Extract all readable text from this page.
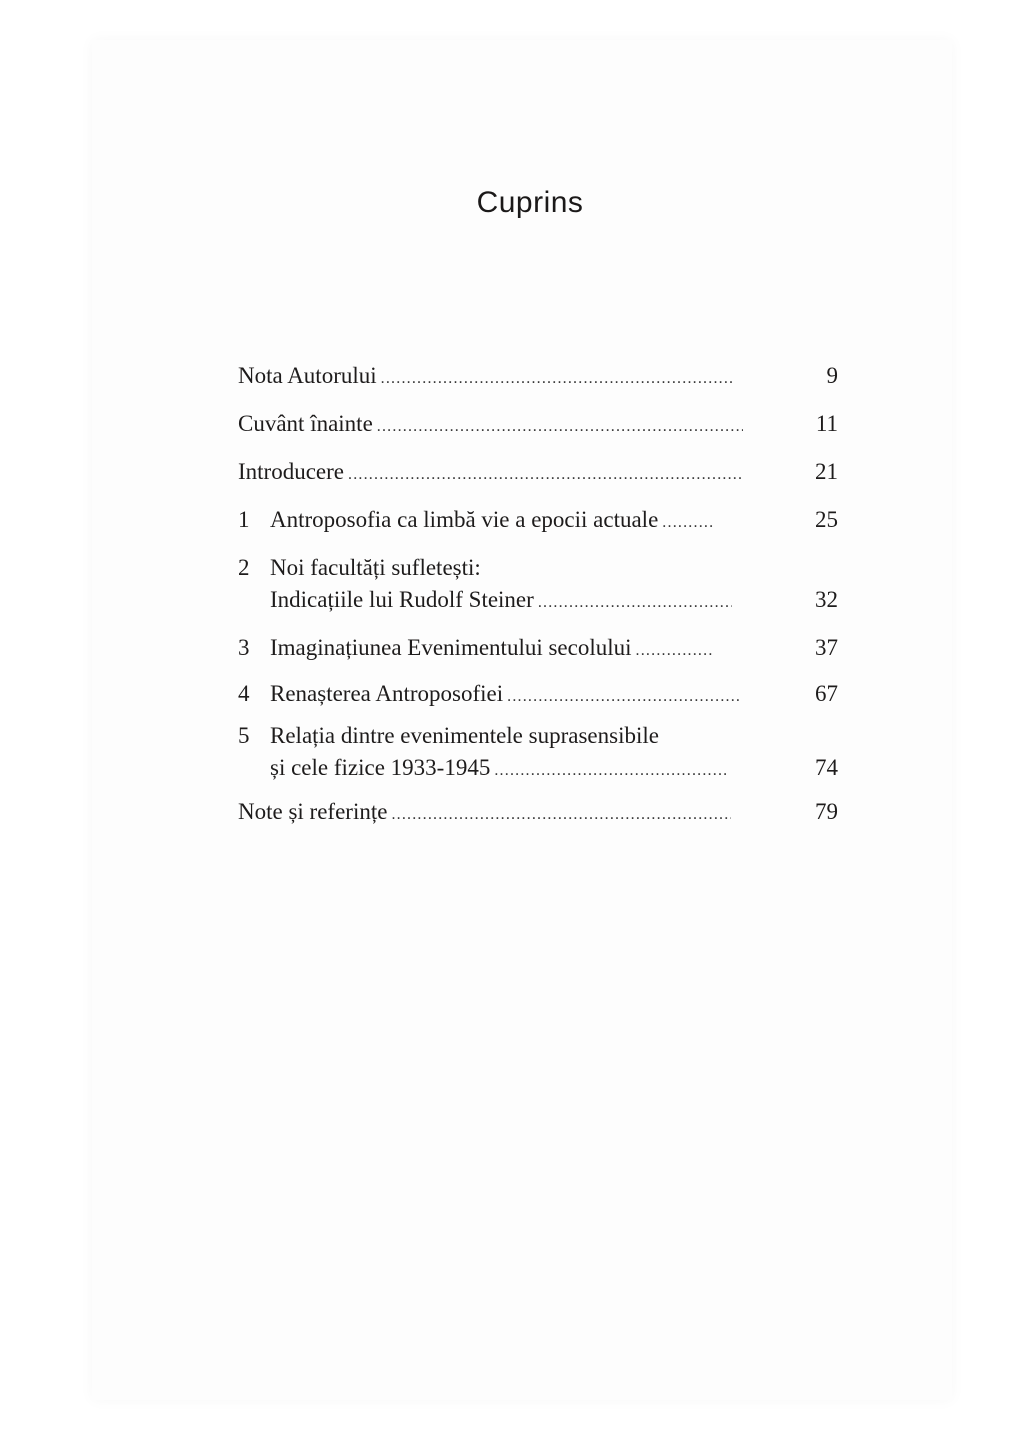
Cuprins
Nota Autorului .....	9
Cuvânt înainte .....	11
Introducere .....	21
1 Antroposofia ca limbă vie a epocii actuale .....	25
2 Noi facultăți sufletești:
Indicațiile lui Rudolf Steiner .....	32
3 Imaginațiunea Evenimentului secolului .....	37
4 Renașterea Antroposofiei .....	67
5 Relația dintre evenimentele suprasensibile
și cele fizice 1933-1945 .....	74
Note și referințe .....	79
